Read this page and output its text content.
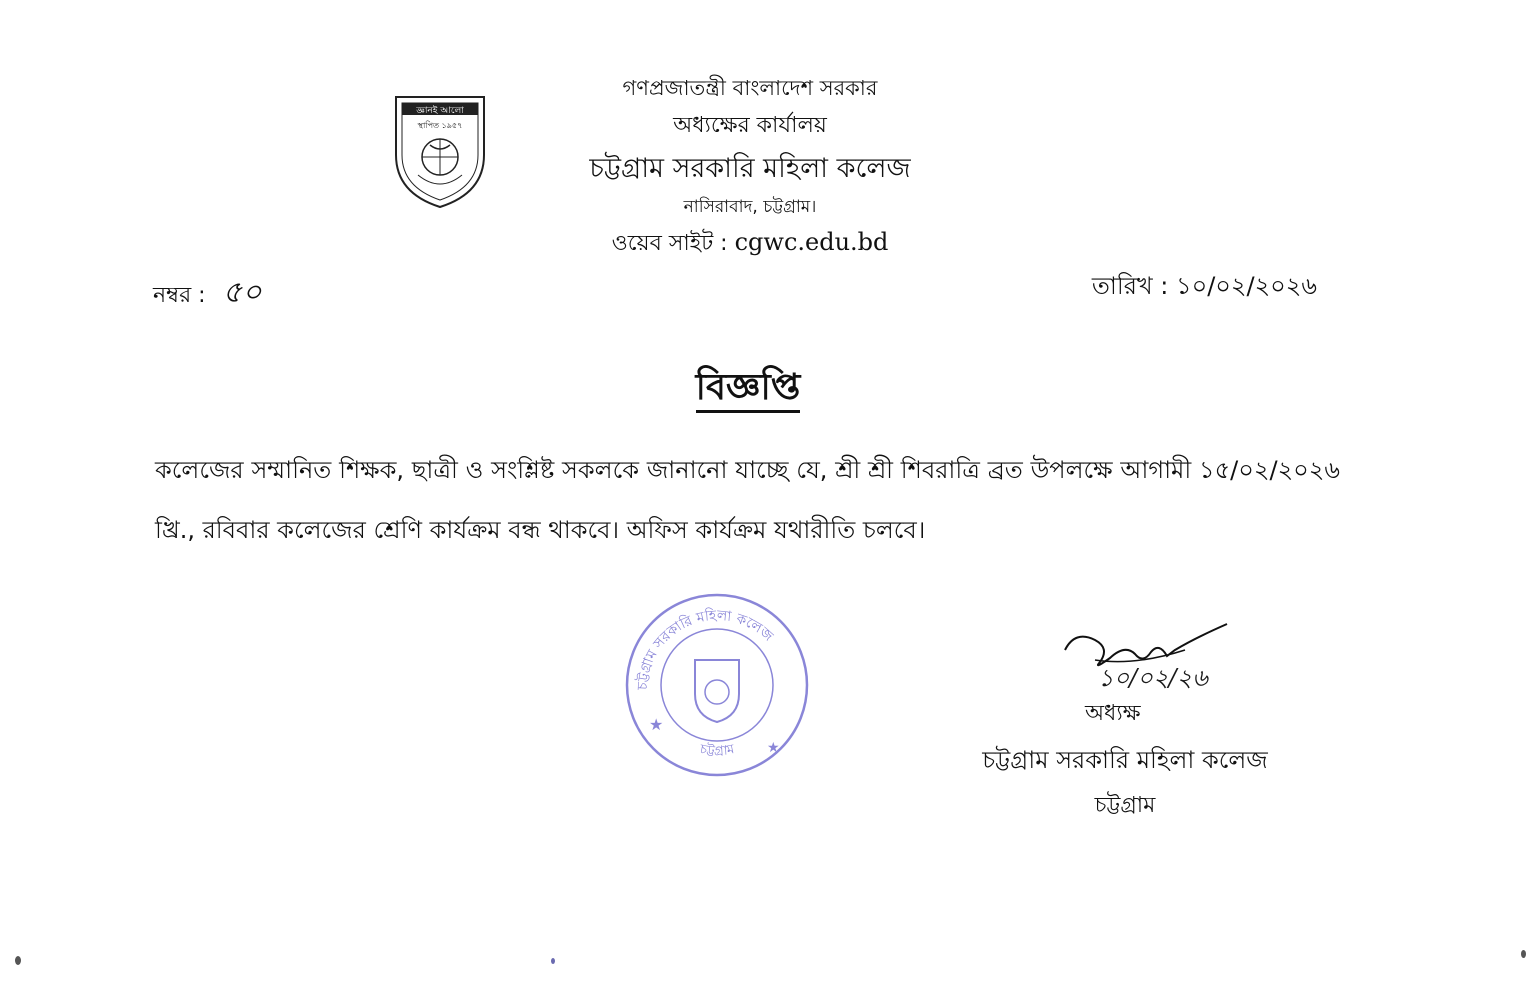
জ্ঞানই আলো
স্থাপিত ১৯৫৭
গণপ্রজাতন্ত্রী বাংলাদেশ সরকার
অধ্যক্ষের কার্যালয়
চট্টগ্রাম সরকারি মহিলা কলেজ
নাসিরাবাদ, চট্টগ্রাম।
ওয়েব সাইট : cgwc.edu.bd
নম্বর : ৫০	তারিখ : ১০/০২/২০২৬
বিজ্ঞপ্তি
কলেজের সম্মানিত শিক্ষক, ছাত্রী ও সংশ্লিষ্ট সকলকে জানানো যাচ্ছে যে, শ্রী শ্রী শিবরাত্রি ব্রত উপলক্ষে আগামী ১৫/০২/২০২৬ খ্রি., রবিবার কলেজের শ্রেণি কার্যক্রম বন্ধ থাকবে। অফিস কার্যক্রম যথারীতি চলবে।
চট্টগ্রাম সরকারি মহিলা কলেজ
চট্টগ্রাম
★
★
১০/০২/২৬
অধ্যক্ষ
চট্টগ্রাম সরকারি মহিলা কলেজ
চট্টগ্রাম
